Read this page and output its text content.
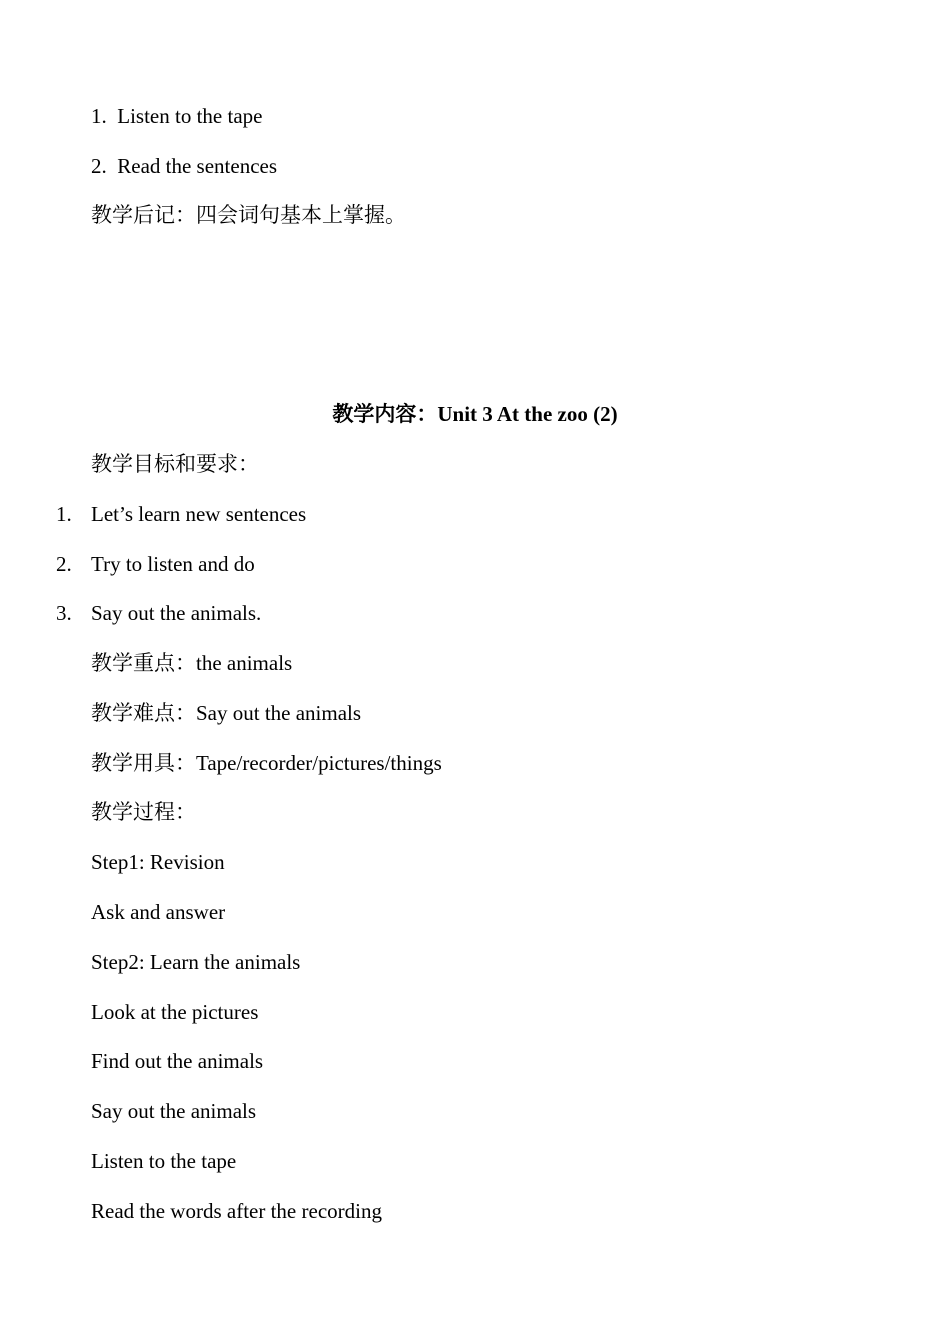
1. Listen to the tape

2. Read the sentences

教学后记：四会词句基本上掌握。

教学内容：Unit 3 At the zoo (2)

教学目标和要求：

1. Let’s learn new sentences

2. Try to listen and do

3. Say out the animals.

教学重点：the animals

教学难点：Say out the animals

教学用具：Tape/recorder/pictures/things

教学过程：

Step1: Revision

Ask and answer

Step2: Learn the animals

Look at the pictures

Find out the animals

Say out the animals

Listen to the tape

Read the words after the recording
